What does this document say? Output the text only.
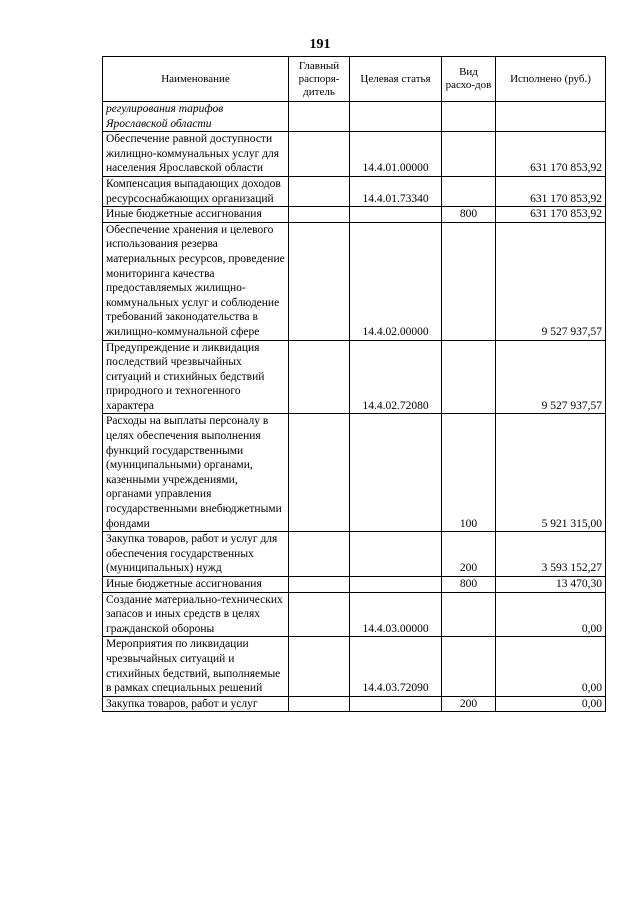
191
Наименование	Главный распоря-дитель	Целевая статья	Вид расхо-дов	Исполнено (руб.)
регулирования тарифов Ярославской области				
Обеспечение равной доступности жилищно-коммунальных услуг для населения Ярославской области		14.4.01.00000		631 170 853,92
Компенсация выпадающих доходов ресурсоснабжающих организаций		14.4.01.73340		631 170 853,92
Иные бюджетные ассигнования			800	631 170 853,92
Обеспечение хранения и целевого использования резерва материальных ресурсов, проведение мониторинга качества предоставляемых жилищно-коммунальных услуг и соблюдение требований законодательства в жилищно-коммунальной сфере		14.4.02.00000		9 527 937,57
Предупреждение и ликвидация последствий чрезвычайных ситуаций и стихийных бедствий природного и техногенного характера		14.4.02.72080		9 527 937,57
Расходы на выплаты персоналу в целях обеспечения выполнения функций государственными (муниципальными) органами, казенными учреждениями, органами управления государственными внебюджетными фондами			100	5 921 315,00
Закупка товаров, работ и услуг для обеспечения государственных (муниципальных) нужд			200	3 593 152,27
Иные бюджетные ассигнования			800	13 470,30
Создание материально-технических запасов и иных средств в целях гражданской обороны		14.4.03.00000		0,00
Мероприятия по ликвидации чрезвычайных ситуаций и стихийных бедствий, выполняемые в рамках специальных решений		14.4.03.72090		0,00
Закупка товаров, работ и услуг			200	0,00
